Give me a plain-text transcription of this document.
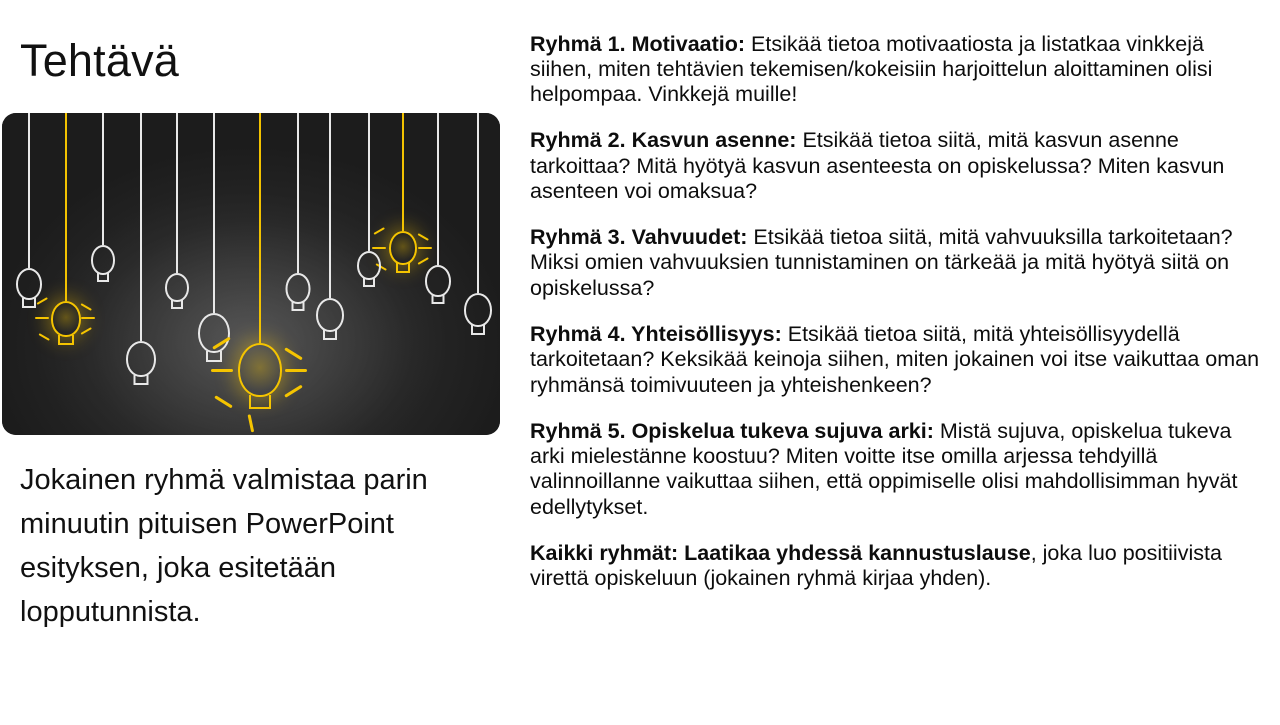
Tehtävä
Jokainen ryhmä valmistaa parin minuutin pituisen PowerPoint esityksen, joka esitetään lopputunnista.

Ryhmä 1. Motivaatio: Etsikää tietoa motivaatiosta ja listatkaa vinkkejä siihen, miten tehtävien tekemisen/kokeisiin harjoittelun aloittaminen olisi helpompaa. Vinkkejä muille!

Ryhmä 2. Kasvun asenne: Etsikää tietoa siitä, mitä kasvun asenne tarkoittaa? Mitä hyötyä kasvun asenteesta on opiskelussa? Miten kasvun asenteen voi omaksua?

Ryhmä 3. Vahvuudet: Etsikää tietoa siitä, mitä vahvuuksilla tarkoitetaan? Miksi omien vahvuuksien tunnistaminen on tärkeää ja mitä hyötyä siitä on opiskelussa?

Ryhmä 4. Yhteisöllisyys: Etsikää tietoa siitä, mitä yhteisöllisyydellä tarkoitetaan? Keksikää keinoja siihen, miten jokainen voi itse vaikuttaa oman ryhmänsä toimivuuteen ja yhteishenkeen?

Ryhmä 5. Opiskelua tukeva sujuva arki: Mistä sujuva, opiskelua tukeva arki mielestänne koostuu? Miten voitte itse omilla arjessa tehdyillä valinnoillanne vaikuttaa siihen, että oppimiselle olisi mahdollisimman hyvät edellytykset.

Kaikki ryhmät: Laatikaa yhdessä kannustuslause, joka luo positiivista virettä opiskeluun (jokainen ryhmä kirjaa yhden).
